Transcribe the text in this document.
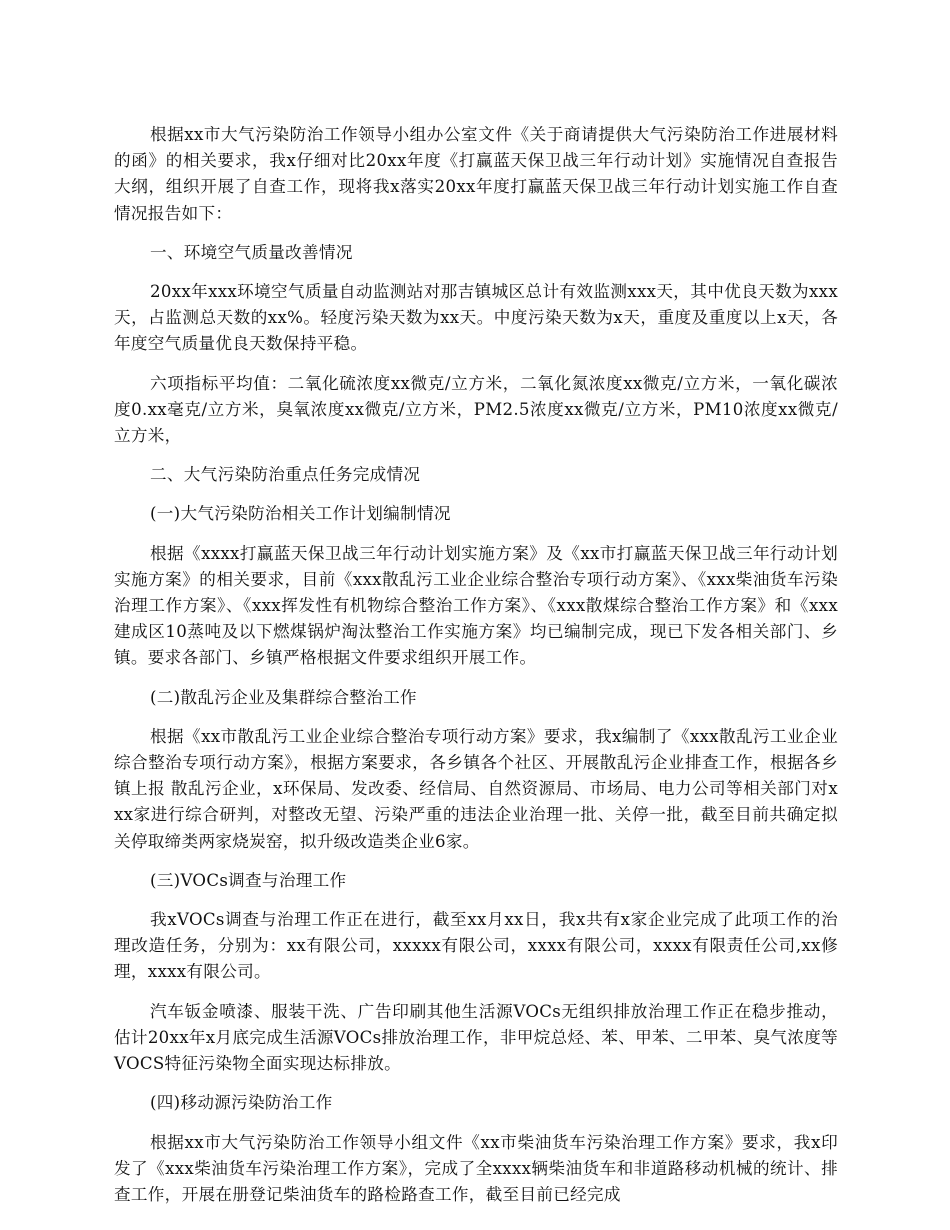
根据xx市大气污染防治工作领导小组办公室文件《关于商请提供大气污染防治工作进展材料的函》的相关要求，我x仔细对比20xx年度《打赢蓝天保卫战三年行动计划》实施情况自查报告大纲，组织开展了自查工作，现将我x落实20xx年度打赢蓝天保卫战三年行动计划实施工作自查情况报告如下：

一、环境空气质量改善情况

20xx年xxx环境空气质量自动监测站对那吉镇城区总计有效监测xxx天，其中优良天数为xxx天，占监测总天数的xx%。轻度污染天数为xx天。中度污染天数为x天，重度及重度以上x天，各年度空气质量优良天数保持平稳。

六项指标平均值：二氧化硫浓度xx微克/立方米，二氧化氮浓度xx微克/立方米，一氧化碳浓度0.xx毫克/立方米，臭氧浓度xx微克/立方米，PM2.5浓度xx微克/立方米，PM10浓度xx微克/立方米，

二、大气污染防治重点任务完成情况

(一)大气污染防治相关工作计划编制情况

根据《xxxx打赢蓝天保卫战三年行动计划实施方案》及《xx市打赢蓝天保卫战三年行动计划实施方案》的相关要求，目前《xxx散乱污工业企业综合整治专项行动方案》、《xxx柴油货车污染治理工作方案》、《xxx挥发性有机物综合整治工作方案》、《xxx散煤综合整治工作方案》和《xxx建成区10蒸吨及以下燃煤锅炉淘汰整治工作实施方案》均已编制完成，现已下发各相关部门、乡镇。要求各部门、乡镇严格根据文件要求组织开展工作。

(二)散乱污企业及集群综合整治工作

根据《xx市散乱污工业企业综合整治专项行动方案》要求，我x编制了《xxx散乱污工业企业综合整治专项行动方案》，根据方案要求，各乡镇各个社区、开展散乱污企业排查工作，根据各乡镇上报 散乱污企业，x环保局、发改委、经信局、自然资源局、市场局、电力公司等相关部门对xxx家进行综合研判，对整改无望、污染严重的违法企业治理一批、关停一批，截至目前共确定拟关停取缔类两家烧炭窑，拟升级改造类企业6家。

(三)VOCs调查与治理工作

我xVOCs调查与治理工作正在进行，截至xx月xx日，我x共有x家企业完成了此项工作的治理改造任务，分别为：xx有限公司，xxxxx有限公司，xxxx有限公司，xxxx有限责任公司,xx修理，xxxx有限公司。

汽车钣金喷漆、服装干洗、广告印刷其他生活源VOCs无组织排放治理工作正在稳步推动，估计20xx年x月底完成生活源VOCs排放治理工作，非甲烷总烃、苯、甲苯、二甲苯、臭气浓度等VOCS特征污染物全面实现达标排放。

(四)移动源污染防治工作

根据xx市大气污染防治工作领导小组文件《xx市柴油货车污染治理工作方案》要求，我x印发了《xxx柴油货车污染治理工作方案》，完成了全xxxx辆柴油货车和非道路移动机械的统计、排查工作，开展在册登记柴油货车的路检路查工作，截至目前已经完成
